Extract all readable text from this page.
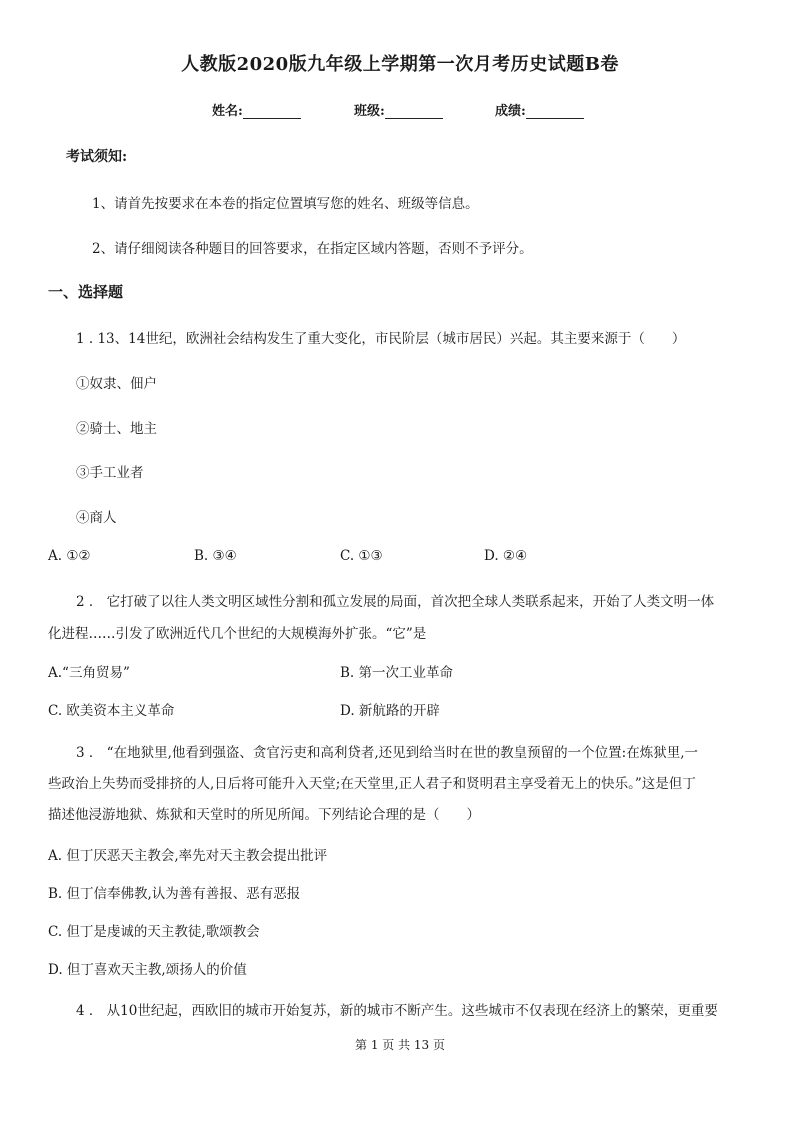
人教版2020版九年级上学期第一次月考历史试题B卷
姓名:	班级:	成绩:
考试须知:
1、请首先按要求在本卷的指定位置填写您的姓名、班级等信息。
2、请仔细阅读各种题目的回答要求，在指定区域内答题，否则不予评分。
一、选择题
1 . 13、14世纪，欧洲社会结构发生了重大变化，市民阶层（城市居民）兴起。其主要来源于（　　）
①奴隶、佃户
②骑士、地主
③手工业者
④商人
A. ①②	B. ③④	C. ①③	D. ②④
2 ． 它打破了以往人类文明区域性分割和孤立发展的局面，首次把全球人类联系起来，开始了人类文明一体
化进程……引发了欧洲近代几个世纪的大规模海外扩张。“它”是
A.“三角贸易”	B. 第一次工业革命
C. 欧美资本主义革命	D. 新航路的开辟
3 ． “在地狱里,他看到强盗、贪官污吏和高利贷者,还见到给当时在世的教皇预留的一个位置:在炼狱里,一
些政治上失势而受排挤的人,日后将可能升入天堂;在天堂里,正人君子和贤明君主享受着无上的快乐。”这是但丁
描述他浸游地狱、炼狱和天堂时的所见所闻。下列结论合理的是（　　）
A. 但丁厌恶天主教会,率先对天主教会提出批评
B. 但丁信奉佛教,认为善有善报、恶有恶报
C. 但丁是虔诚的天主教徒,歌颂教会
D. 但丁喜欢天主教,颂扬人的价值
4 ． 从10世纪起，西欧旧的城市开始复苏，新的城市不断产生。这些城市不仅表现在经济上的繁荣，更重要
第 1 页 共 13 页
